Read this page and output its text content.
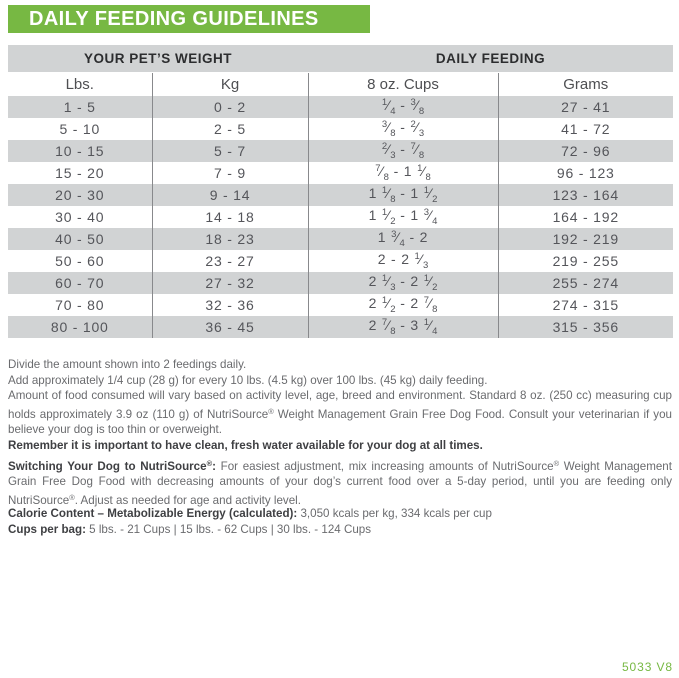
DAILY FEEDING GUIDELINES
YOUR PET’S WEIGHT		DAILY FEEDING	
Lbs.	Kg	8 oz. Cups	Grams
1 - 5	0 - 2	$^1⁄_4$ - $^3⁄_8$	27 - 41
5 - 10	2 - 5	$^3⁄_8$ - $^2⁄_3$	41 - 72
10 - 15	5 - 7	$^2⁄_3$ - $^7⁄_8$	72 - 96
15 - 20	7 - 9	$^7⁄_8 - 1$ $^1⁄_8$	96 - 123
20 - 30	9 - 14	1 $^1⁄_8 - 1$ $^1⁄_2$	123 - 164
30 - 40	14 - 18	1 $^1⁄_2 - 1$ $^3⁄_4$	164 - 192
40 - 50	18 - 23	1 $^3⁄_4 - 2$	192 - 219
50 - 60	23 - 27	2 - 2 $^1⁄_3$	219 - 255
60 - 70	27 - 32	2 $^1⁄_3 - 2$ $^1⁄_2$	255 - 274
70 - 80	32 - 36	2 $^1⁄_2 - 2$ $^7⁄_8$	274 - 315
80 - 100	36 - 45	2 $^7⁄_8 - 3$ $^1⁄_4$	315 - 356

Divide the amount shown into 2 feedings daily.

Add approximately 1/4 cup (28 g) for every 10 lbs. (4.5 kg) over 100 lbs. (45 kg) daily feeding.

Amount of food consumed will vary based on activity level, age, breed and environment. Standard 8 oz. (250 cc) measuring cup holds approximately 3.9 oz (110 g) of NutriSource® Weight Management Grain Free Dog Food. Consult your veterinarian if you believe your dog is too thin or overweight.

Remember it is important to have clean, fresh water available for your dog at all times.

Switching Your Dog to NutriSource®: For easiest adjustment, mix increasing amounts of NutriSource® Weight Management Grain Free Dog Food with decreasing amounts of your dog’s current food over a 5-day period, until you are feeding only NutriSource®. Adjust as needed for age and activity level.

Calorie Content – Metabolizable Energy (calculated): 3,050 kcals per kg, 334 kcals per cup

Cups per bag: 5 lbs. - 21 Cups | 15 lbs. - 62 Cups | 30 lbs. - 124 Cups

5033 V8
